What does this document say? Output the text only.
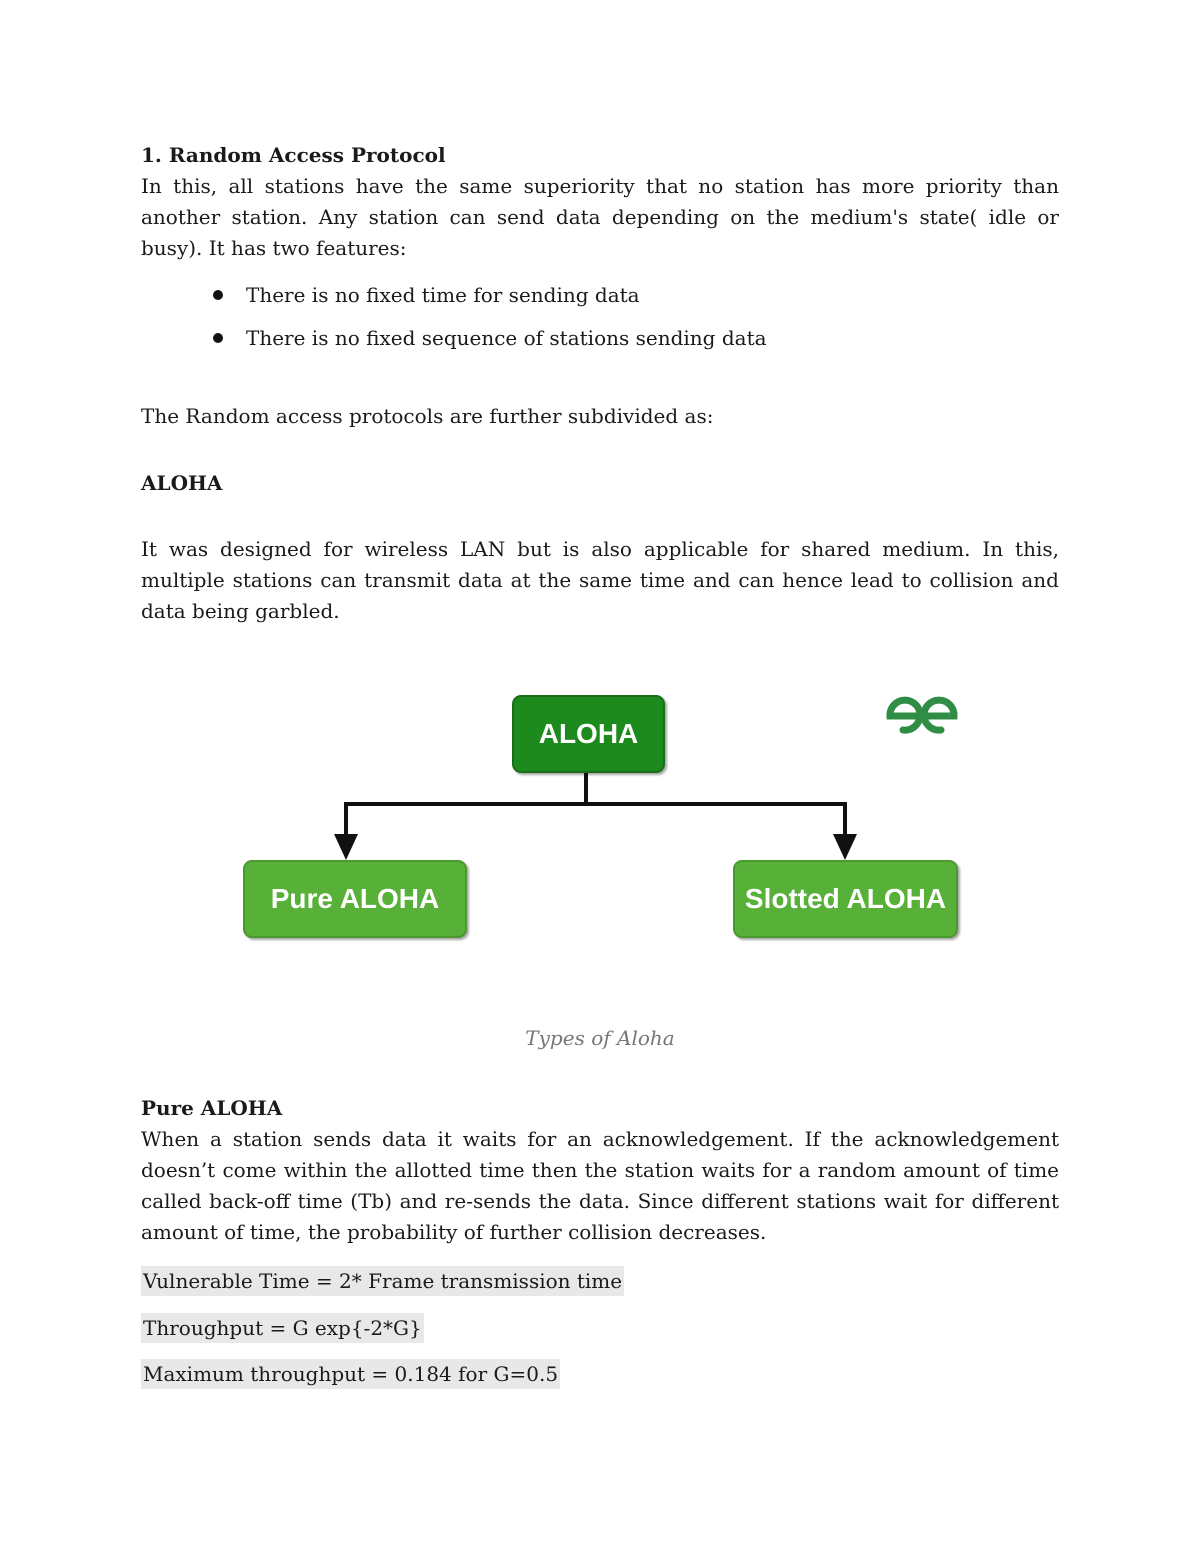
1. Random Access Protocol

In this, all stations have the same superiority that no station has more priority than another station. Any station can send data depending on the medium's state( idle or busy). It has two features:

There is no fixed time for sending data
There is no fixed sequence of stations sending data

The Random access protocols are further subdivided as:

ALOHA

It was designed for wireless LAN but is also applicable for shared medium. In this, multiple stations can transmit data at the same time and can hence lead to collision and data being garbled.

Types of Aloha
Pure ALOHA

When a station sends data it waits for an acknowledgement. If the acknowledgement doesn’t come within the allotted time then the station waits for a random amount of time called back-off time (Tb) and re-sends the data. Since different stations wait for different amount of time, the probability of further collision decreases.

Vulnerable Time = 2* Frame transmission time
Throughput = G exp{-2*G}
Maximum throughput = 0.184 for G=0.5
ALOHA
Pure ALOHA	Slotted ALOHA
